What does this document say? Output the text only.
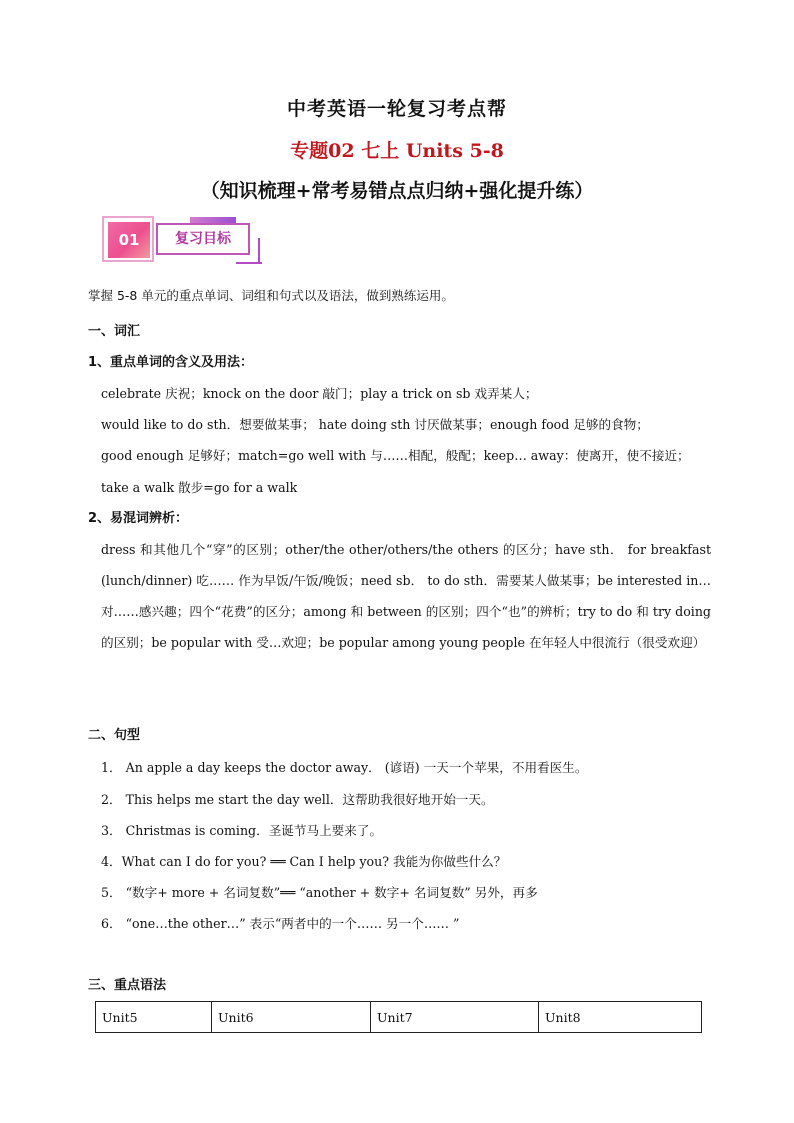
中考英语一轮复习考点帮
专题02 七上 Units 5-8
（知识梳理+常考易错点点归纳+强化提升练）
01	复习目标
掌握 5-8 单元的重点单词、词组和句式以及语法，做到熟练运用。
一、词汇
1、重点单词的含义及用法：
celebrate 庆祝；knock on the door 敲门；play a trick on sb 戏弄某人；
would like to do sth．想要做某事； hate doing sth 讨厌做某事；enough food 足够的食物；
good enough 足够好；match=go well with 与……相配，般配；keep… away：使离开，使不接近；
take a walk 散步=go for a walk
2、易混词辨析：
dress 和其他几个“穿”的区别；other/the other/others/the others 的区分；have sth． for breakfast (lunch/dinner) 吃…… 作为早饭/午饭/晚饭；need sb． to do sth．需要某人做某事；be interested in…对……感兴趣；四个“花费”的区分；among 和 between 的区别；四个“也”的辨析；try to do 和 try doing 的区别；be popular with 受…欢迎；be popular among young people 在年轻人中很流行（很受欢迎）
二、句型
1． An apple a day keeps the doctor away． (谚语) 一天一个苹果，不用看医生。
2． This helps me start the day well．这帮助我很好地开始一天。
3． Christmas is coming．圣诞节马上要来了。
4．What can I do for you? ══ Can I help you? 我能为你做些什么？
5． “数字+ more + 名词复数”══ “another + 数字+ 名词复数” 另外，再多
6． “one…the other…” 表示“两者中的一个…… 另一个…… ”
三、重点语法
Unit5	Unit6	Unit7	Unit8
